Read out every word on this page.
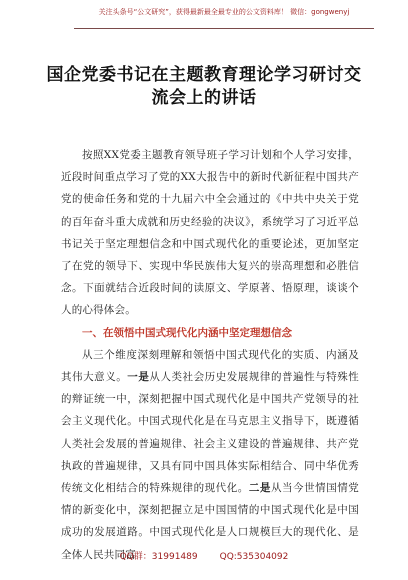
关注头条号“公文研究”，获得最新最全最专业的公文资料库！ 微信：gongwenyj
国企党委书记在主题教育理论学习研讨交流会上的讲话

按照XX党委主题教育领导班子学习计划和个人学习安排，近段时间重点学习了党的XX大报告中的新时代新征程中国共产党的使命任务和党的十九届六中全会通过的《中共中央关于党的百年奋斗重大成就和历史经验的决议》，系统学习了习近平总书记关于坚定理想信念和中国式现代化的重要论述，更加坚定了在党的领导下、实现中华民族伟大复兴的崇高理想和必胜信念。下面就结合近段时间的读原文、学原著、悟原理，谈谈个人的心得体会。

一、在领悟中国式现代化内涵中坚定理想信念

从三个维度深刻理解和领悟中国式现代化的实质、内涵及其伟大意义。一是从人类社会历史发展规律的普遍性与特殊性的辩证统一中，深刻把握中国式现代化是中国共产党领导的社会主义现代化。中国式现代化是在马克思主义指导下，既遵循人类社会发展的普遍规律、社会主义建设的普遍规律、共产党执政的普遍规律，又具有同中国具体实际相结合、同中华优秀传统文化相结合的特殊规律的现代化。二是从当今世情国情党情的新变化中，深刻把握立足中国国情的中国式现代化是中国成功的发展道路。中国式现代化是人口规模巨大的现代化、是全体人民共同富

QQ群：31991489 QQ:535304092
